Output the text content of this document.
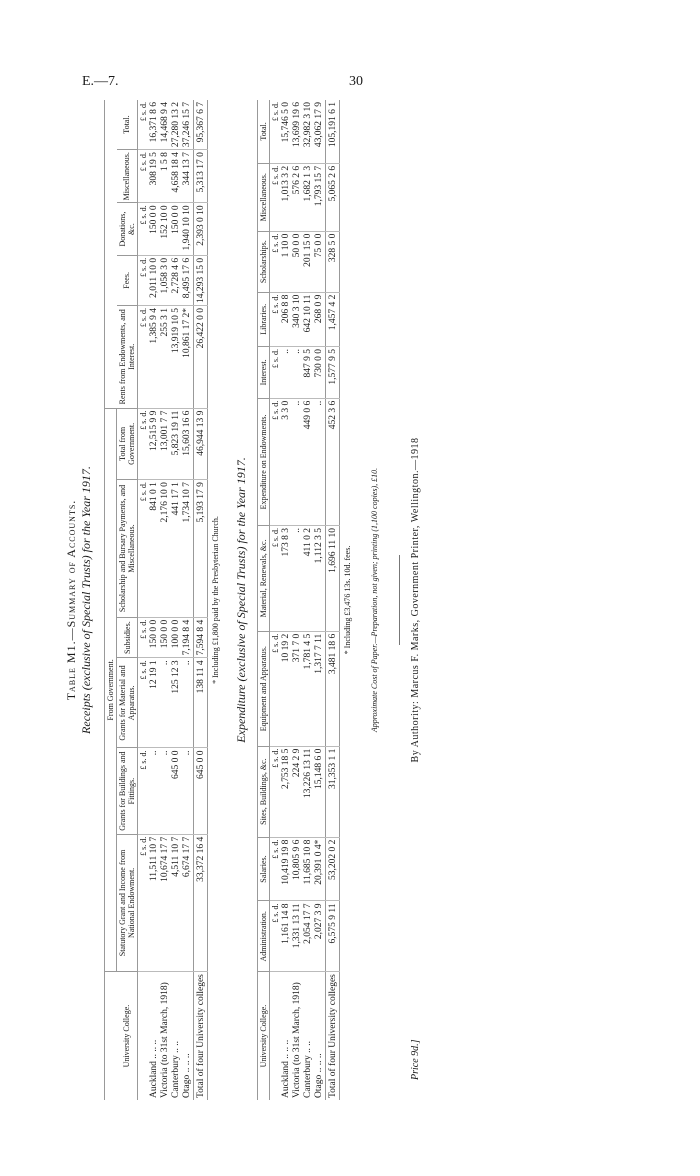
E.—7.	30
Table M1.—Summary of Accounts. Receipts (exclusive of Special Trusts) for the Year 1917.
	From Government.										
University College.	Statutory Grant and Income from National Endowment.	Grants for Buildings and Fittings.	Grants for Material and Apparatus.	Subsidies.	Scholarship and Bursary Payments, and Miscellaneous.	Total from Government.	Rents from Endowments, and Interest.	Fees.	Donations, &c.	Miscellaneous.	Total.
	£ s. d.	£ s. d.	£ s. d.	£ s. d.	£ s. d.	£ s. d.	£ s. d.	£ s. d.	£ s. d.	£ s. d.	£ s. d.
Auckland .. .. ..	11,511 10 7	..	12 19 1	150 0 0	841 0 1	12,515 9 9	1,385 9 4	2,011 10 0	150 0 0	308 19 5	16,371 8 6
Victoria (to 31st March, 1918)	10,674 17 7	..	..	150 0 0	2,176 10 0	13,001 7 7	255 3 1	1,058 3 0	152 10 0	1 5 8	14,468 9 4
Canterbury .. ..	4,511 10 7	645 0 0	125 12 3	100 0 0	441 17 1	5,823 19 11	13,919 10 5	2,728 4 6	150 0 0	4,658 18 4	27,280 13 2
Otago .. .. ..	6,674 17 7	..	..	7,194 8 4	1,734 10 7	15,603 16 6	10,861 17 2*	8,495 17 6	1,940 10 10	344 13 7	37,246 15 7
Total of four University colleges	33,372 16 4	645 0 0	138 11 4	7,594 8 4	5,193 17 9	46,944 13 9	26,422 0 0	14,293 15 0	2,393 0 10	5,313 17 0	95,367 6 7
* Including £1,800 paid by the Presbyterian Church. Expenditure (exclusive of Special Trusts) for the Year 1917.
University College.	Administration.	Salaries.	Sites, Buildings, &c.	Equipment and Apparatus.	Material, Renewals, &c.	Expenditure on Endowments.	Interest.	Libraries.	Scholarships.	Miscellaneous.	Total.
	£ s. d.	£ s. d.	£ s. d.	£ s. d.	£ s. d.	£ s. d.	£ s. d.	£ s. d.	£ s. d.	£ s. d.	£ s. d.
Auckland .. .. ..	1,161 14 8	10,419 19 8	2,753 18 5	10 19 2	173 8 3	3 3 0	..	206 8 8	1 10 0	1,013 3 2	15,746 5 0
Victoria (to 31st March, 1918)	1,331 13 11	10,805 9 6	224 2 9	371 7 0	..	..	..	340 3 10	50 0 0	576 2 6	13,699 19 6
Canterbury .. ..	2,054 17 7	11,685 10 8	13,226 13 11	1,781 4 5	411 0 2	449 0 6	847 9 5	642 10 11	201 15 0	1,682 1 3	32,982 3 10
Otago .. .. ..	2,027 3 9	20,391 0 4*	15,148 6 0	1,317 7 11	1,112 3 5	..	730 0 0	268 0 9	75 0 0	1,793 15 7	43,062 17 9
Total of four University colleges	6,575 9 11	53,202 0 2	31,353 1 1	3,481 18 6	1,696 11 10	452 3 6	1,577 9 5	1,457 4 2	328 5 0	5,065 2 6	105,191 6 1
* Including £3,476 13s. 10d. fees. Approximate Cost of Paper.—Preparation, not given; printing (1,100 copies), £10.
Price 9d.]
By Authority: Marcus F. Marks, Government Printer, Wellington.—1918
